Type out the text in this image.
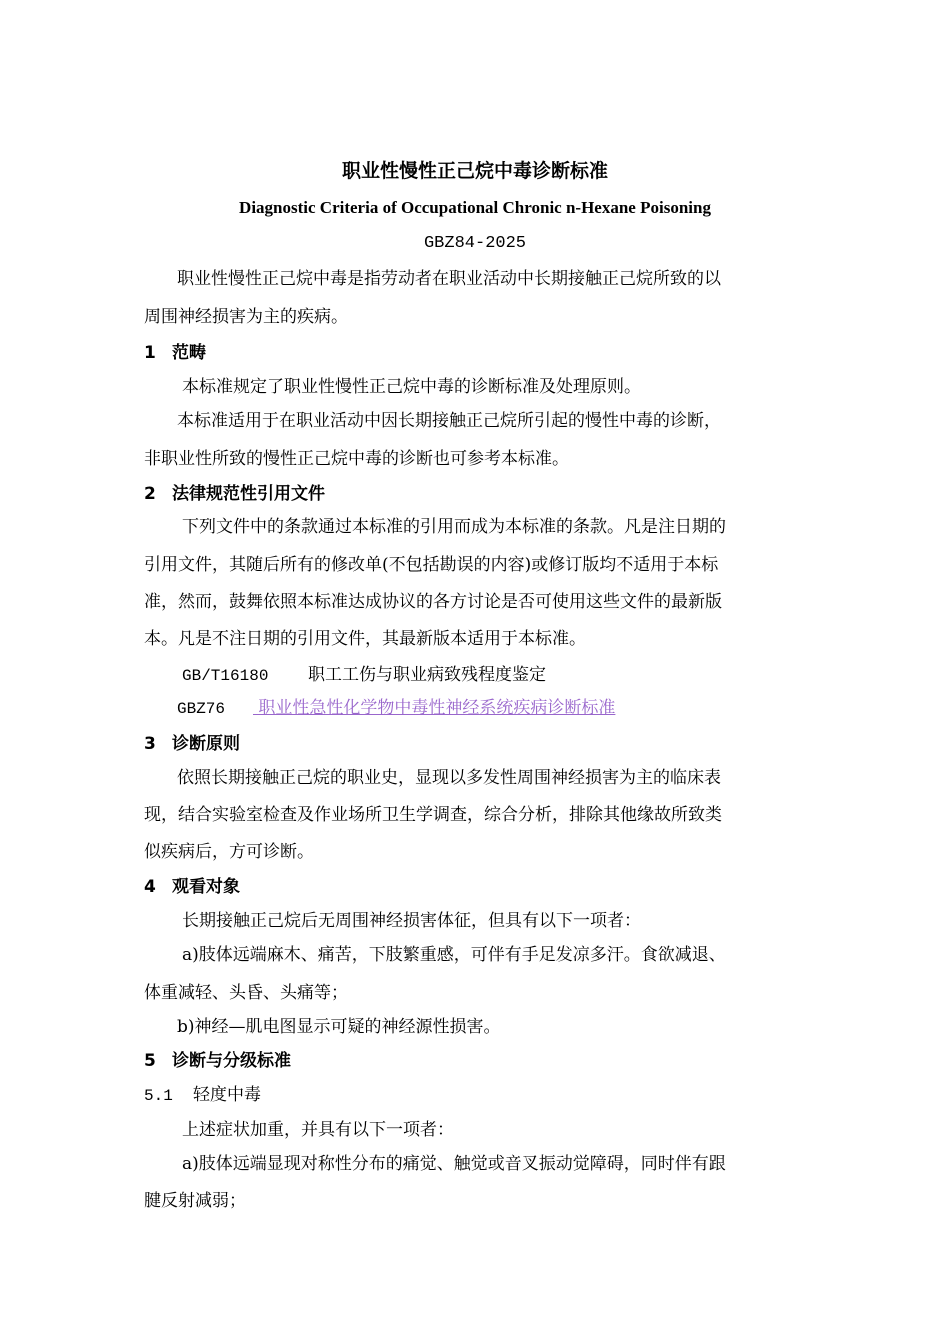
职业性慢性正己烷中毒诊断标准
Diagnostic Criteria of Occupational Chronic n-Hexane Poisoning
GBZ84-2025
职业性慢性正己烷中毒是指劳动者在职业活动中长期接触正己烷所致的以
周围神经损害为主的疾病。
1 范畴
本标准规定了职业性慢性正己烷中毒的诊断标准及处理原则。
本标准适用于在职业活动中因长期接触正己烷所引起的慢性中毒的诊断，
非职业性所致的慢性正己烷中毒的诊断也可参考本标准。
2 法律规范性引用文件
下列文件中的条款通过本标准的引用而成为本标准的条款。凡是注日期的
引用文件，其随后所有的修改单(不包括勘误的内容)或修订版均不适用于本标
准，然而，鼓舞依照本标准达成协议的各方讨论是否可使用这些文件的最新版
本。凡是不注日期的引用文件，其最新版本适用于本标准。
GB/T16180 职工工伤与职业病致残程度鉴定
GBZ76 职业性急性化学物中毒性神经系统疾病诊断标准
3 诊断原则
依照长期接触正己烷的职业史，显现以多发性周围神经损害为主的临床表
现，结合实验室检查及作业场所卫生学调查，综合分析，排除其他缘故所致类
似疾病后，方可诊断。
4 观看对象
长期接触正己烷后无周围神经损害体征，但具有以下一项者：
a)肢体远端麻木、痛苦，下肢繁重感，可伴有手足发凉多汗。食欲减退、
体重减轻、头昏、头痛等；
b)神经—肌电图显示可疑的神经源性损害。
5 诊断与分级标准
5.1 轻度中毒
上述症状加重，并具有以下一项者：
a)肢体远端显现对称性分布的痛觉、触觉或音叉振动觉障碍，同时伴有跟
腱反射减弱；
